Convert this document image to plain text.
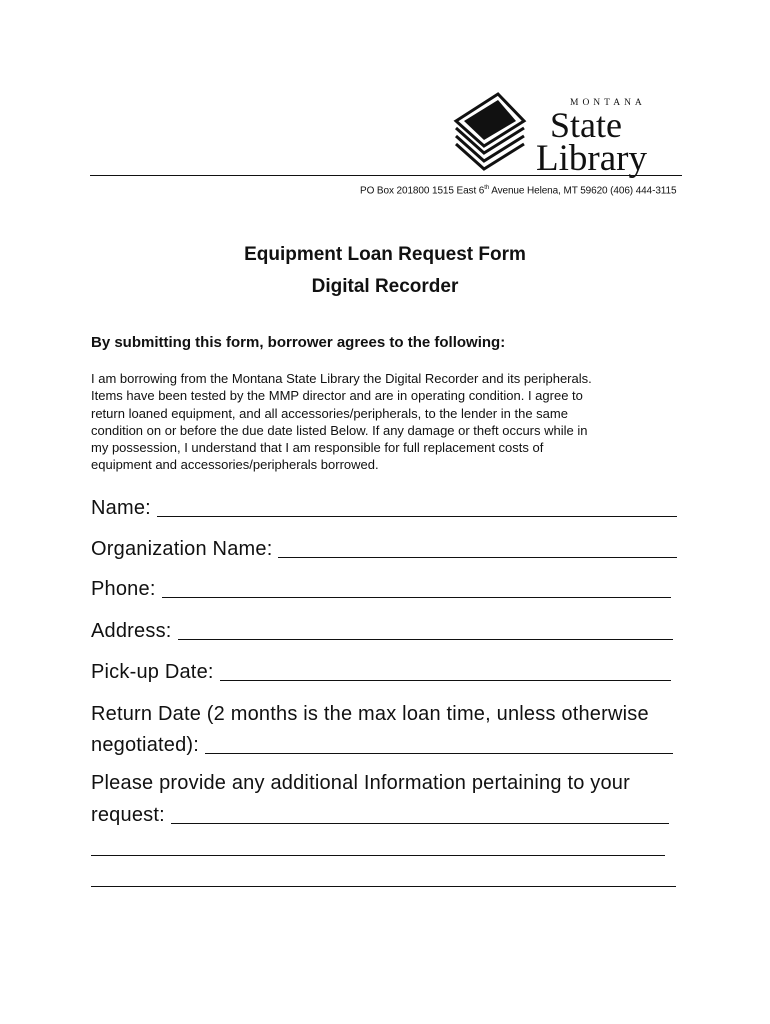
MONTANA
State
Library
PO Box 201800 1515 East 6th Avenue Helena, MT 59620 (406) 444-3115
Equipment Loan Request Form
Digital Recorder
By submitting this form, borrower agrees to the following:
I am borrowing from the Montana State Library the Digital Recorder and its peripherals.
Items have been tested by the MMP director and are in operating condition. I agree to
return loaned equipment, and all accessories/peripherals, to the lender in the same
condition on or before the due date listed Below. If any damage or theft occurs while in
my possession, I understand that I am responsible for full replacement costs of
equipment and accessories/peripherals borrowed.
Name:
Organization Name:
Phone:
Address:
Pick-up Date:
Return Date (2 months is the max loan time, unless otherwise
negotiated):
Please provide any additional Information pertaining to your
request:
